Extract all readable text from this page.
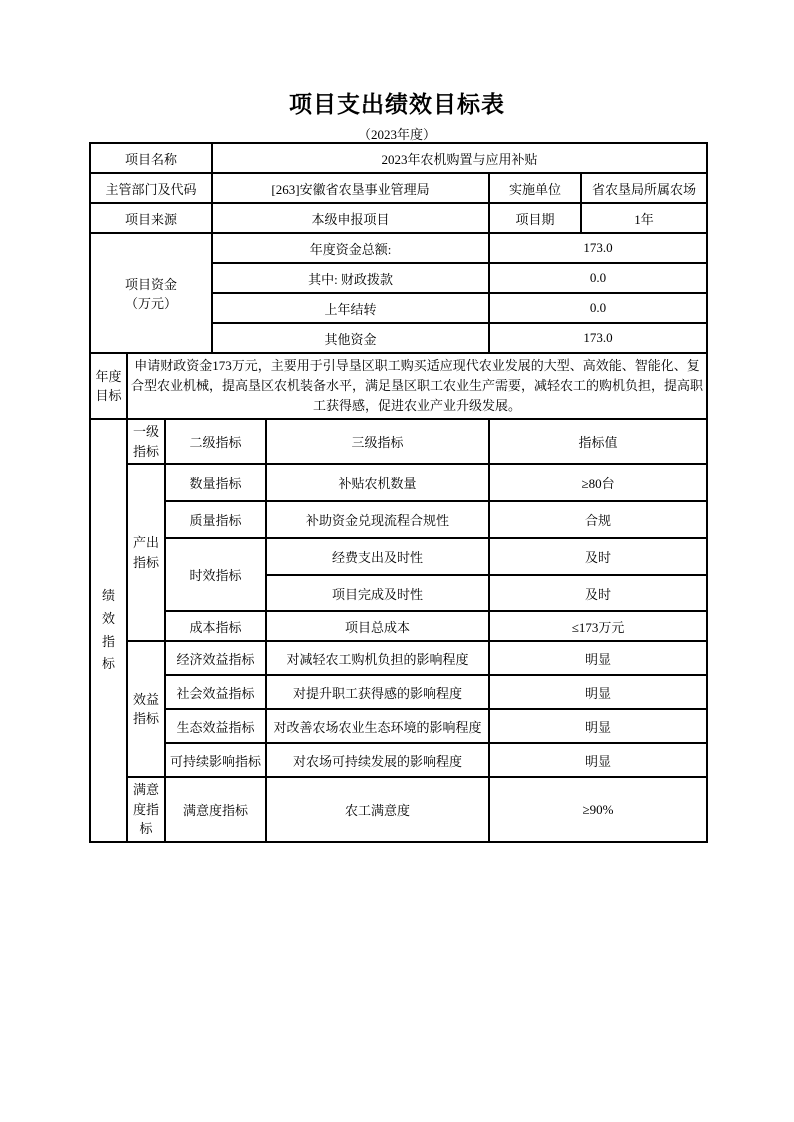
项目支出绩效目标表
（2023年度）
项目名称			2023年农机购置与应用补贴			
主管部门及代码			[263]安徽省农垦事业管理局		实施单位	省农垦局所属农场
项目来源			本级申报项目		项目期	1年
项目资金
（万元）			年度资金总额:		173.0	
			其中: 财政拨款		0.0	
			上年结转		0.0	
			其他资金		173.0	

年度目标	申请财政资金173万元，主要用于引导垦区职工购买适应现代农业发展的大型、高效能、智能化、复合型农业机械，提高垦区农机装备水平，满足垦区职工农业生产需要，减轻农工的购机负担，提高职工获得感，促进农业产业升级发展。					

绩效指标	一级指标	二级指标		三级指标	指标值	

	产出指标	数量指标		补贴农机数量	≥80台	
		质量指标		补助资金兑现流程合规性	合规	
		时效指标		经费支出及时性	及时	
				项目完成及时性	及时	
		成本指标		项目总成本	≤173万元	

	效益指标	经济效益指标		对减轻农工购机负担的影响程度	明显	
		社会效益指标		对提升职工获得感的影响程度	明显	
		生态效益指标		对改善农场农业生态环境的影响程度	明显	
		可持续影响指标		对农场可持续发展的影响程度	明显	

	满意度指标	满意度指标		农工满意度	≥90%	
